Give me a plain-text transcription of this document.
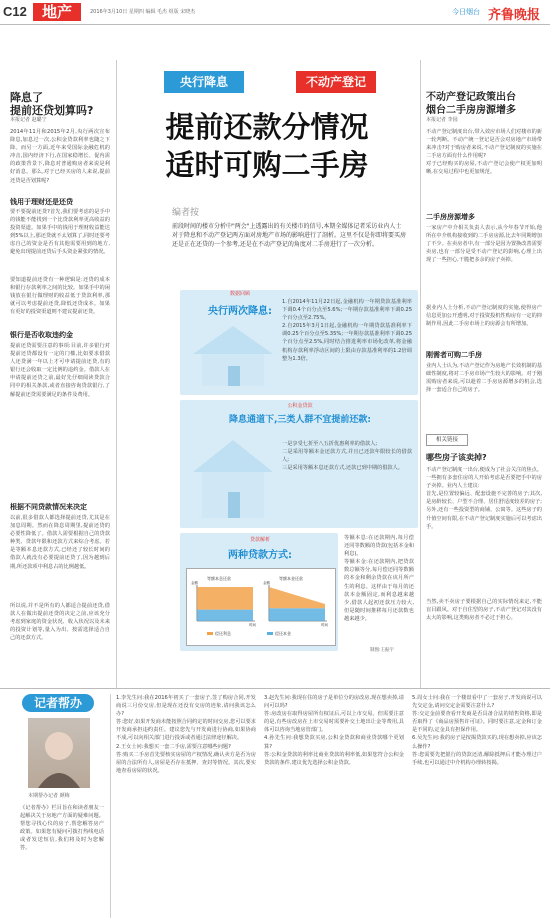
C12	地产	2016年3月10日 星期四 编辑 毛杰 组版 宋晓杰	今日烟台 齐鲁晚报

降息了
提前还贷划算吗?

本报记者 赵璐宁
2014年11月和2015年2月,央行两次宣布降息,加息过一次,公积金贷款利率也随之下降。而另一方面,近年来受国际金融危机的冲击,国内经济下行,在国家稳增长、促内需的政策背景下,降息对普通购房者来说是利好消息。那么,对于已经买房的人来说,提前还贷是否划算呢?
钱用于理财还是还贷
要不要提前还贷?首先,我们要考虑的是手中的钱能不能找到一个比贷款利率更高收益的投资渠道。如果手中的钱用于理财收益能达到5%以上,那还贷就不太划算了,同时还要考虑自己的资金是否有其他需要用到的地方,避免出现提前还贷后手头资金紧张的情况。
要知道提前还贷有一种逻辑是:还贷的成本和银行存款利率之间的比较。如果手中的闲钱放在银行做理财的收益低于贷款利率,那就可以考虑提前还贷,降低还贷成本。如果有更好的投资渠道则不建议提前还贷。
银行是否收取违约金
提前还贷需要注意的事项:目前,许多银行对提前还贷都设有一定的门槛,比如要求借款人还贷满一年以上才可申请提前还贷,有的银行还会收取一定比例的违约金。借款人在申请提前还贷之前,最好先仔细阅读贷款合同中的相关条款,或者直接咨询贷款银行,了解提前还贷需要满足的条件及费用。
根据不同贷款情况来决定
以前,很多借款人都选择提前还贷,尤其是在加息周期。然而在降息周期里,提前还贷的必要性降低了。借款人需要根据自己的贷款种类、贷款年限和还款方式来综合考虑。若是等额本息还款方式,已经还了较长时间的借款人就没有必要提前还贷了,因为越到后期,所还款项中利息占的比例越低。
所以说,并不是所有的人都适合提前还贷,借款人在做出提前还贷的决定之前,应该充分考虑到家庭的资金状况、收入状况以及未来的投资计划等,量入为出、按需选择适合自己的还款方式。
央行降息	不动产登记
提前还款分情况
适时可购二手房
编者按
前段时间的楼市分析中"两会"上透露出的有关楼市的信号,本期全媒体记者采访业内人士对于降息和不动产登记两方面对房地产市场的影响进行了剖析。这里不仅是你即将要买房还是正在还贷的一个参考,还是在不动产登记的角度对二手房进行了一次分析。
数据回顾
央行两次降息:
1.自2014年11月22日起,金融机构一年期贷款基准利率下调0.4个百分点至5.6%;一年期存款基准利率下调0.25个百分点至2.75%。
2.自2015年3月1日起,金融机构一年期贷款基准利率下调0.25个百分点至5.35%;一年期存款基准利率下调0.25个百分点至2.5%,同时结合推进利率市场化改革,将金融机构存款利率浮动区间的上限由存款基准利率的1.2倍调整为1.3倍。
公积金贷款
降息通道下,三类人群不宜提前还款:
一是享受七折至八五折优惠利率的借款人;
二是采用等额本金还款方式,并且已还款年限较长的借款人;
三是采用等额本息还款方式,还款已到中期的借款人。
贷款解析
两种贷款方式:
等额本息还款
金额
时间
等额本金还款
金额
时间
偿还利息	偿还本金
等额本息:在还款期内,每月偿还同等数额的贷款(包括本金和利息)。
等额本金:在还款期内,把贷款数总额等分,每月偿还同等数额的本金和剩余贷款在该月所产生的利息。这样由于每月的还款本金额固定,而利息越来越少,借款人起初还款压力较大,但是随时间推移每月还款数也越来越少。
制图:王振宇

不动产登记政策出台
烟台二手房房源增多

本报记者 李园
不动产登记制度出台,带入效应市场人们对楼市的新一轮判断。不动产统一登记是否会对房地产市场带来冲击?对于购房者来说,不动产登记制度的实施在二手房方面有什么作用呢?
对于已经购买的房屋,不动产登记会使产权更加明晰,在交易过程中也更加规范。
二手房房源增多
一家房产中介相关负责人表示,从今年春节开始,他所在中介机构接收到的二手房房源,比去年同期增加了不少。在卖房者中,有一部分是因为置换改善需要卖房,也有一部分是受不动产登记的影响,心理上出现了一些担心,干脆把多余的房子卖掉。
据业内人士分析,不动产登记制度的实施,使得房产信息更加公开透明,对于投资投机性购房有一定的抑制作用,因此二手房市场上的房源会有所增加。
刚需者可购二手房
业内人士认为,不动产登记作为房地产长效机制的基础性制度,将对二手房市场产生较大的影响。对于刚需购房者来说,可以趁着二手房房源增多的机会,选择一套适合自己的房子。
相关链接
哪些房子该卖掉?
不动产登记制度一出台,便成为了社会关注的焦点。一些拥有多套住房的人开始考虑是否要把手中的房子卖掉。业内人士建议:
首先,是位置较偏远、配套设施不完善的房子;其次,是房龄较长、户型不合理、居住舒适度较差的房子;另外,还有一些投资型的商铺、公寓等。这些房子的升值空间有限,在不动产登记制度实施后可以考虑出手。
当然,卖不卖房子要根据自己的实际情况来定,不能盲目跟风。对于自住型的房子,不动产登记对其没有太大的影响,这类购房者不必过于担心。
记者帮办
本期帮办记者 颜梅
《记者帮办》栏目旨在和读者朋友一起解决关于房地产方面的疑难问题。帮您寻找心仪的房子,帮您解答房产政策。如果您有疑问可拨打热线电话或者发送短信,我们将及时为您解答。
1.李先生问:我在2016年初买了一套房子,签了购房合同,开发商说三月份交房,但是现在还没有交房的迹象,请问我该怎么办?
答:您好,如果开发商未能按照合同约定的时间交房,您可以要求开发商承担违约责任。建议您先与开发商进行协商,如果协商不成,可以向相关部门进行投诉或者通过法律途径解决。
2.王女士问:我想买一套二手房,需要注意哪些问题?
答:购买二手房首先要核实房屋的产权情况,确认卖方是否为房屋的合法所有人,房屋是否存在抵押、查封等情况。其次,要实地查看房屋的状况。
3.赵先生问:我现在住的房子是单位分的房改房,现在想卖掉,请问可以吗?
答:房改房在取得房屋所有权证后,可以上市交易。但需要注意的是,有些房改房在上市交易时需要补交土地出让金等费用,具体可以咨询当地房管部门。
4.孙先生问:我想贷款买房,公积金贷款和商业贷款哪个更划算?
答:公积金贷款的利率比商业贷款的利率低,如果您符合公积金贷款的条件,建议优先选择公积金贷款。
5.周女士问:我在一个楼盘看中了一套房子,开发商说可以先交定金,请问交定金需要注意什么?
答:交定金前要查看开发商是否具备合法的销售资格,即是否取得了《商品房预售许可证》。同时要注意,定金和订金是不同的,定金具有担保作用。
6.吴先生问:我的房子是按揭贷款买的,现在想卖掉,应该怎么操作?
答:您需要先把银行的贷款还清,解除抵押后才能办理过户手续,也可以通过中介机构办理转按揭。
